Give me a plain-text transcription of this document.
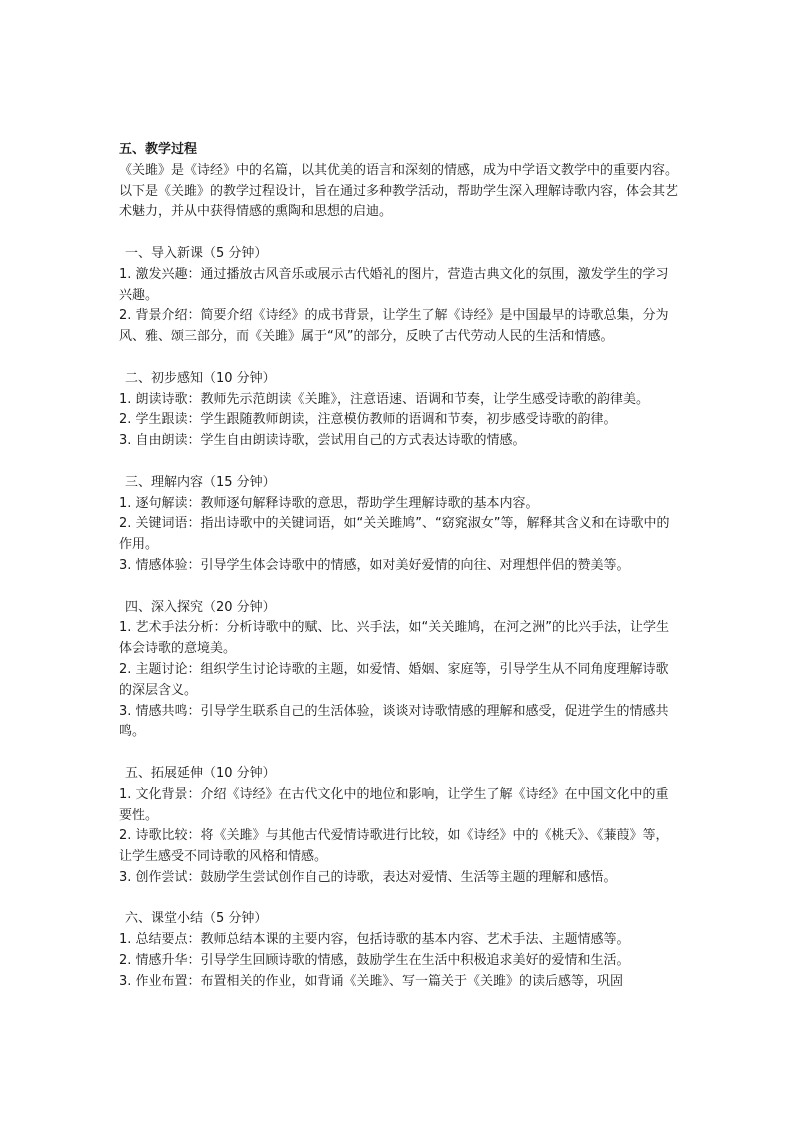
五、教学过程

《关雎》是《诗经》中的名篇，以其优美的语言和深刻的情感，成为中学语文教学中的重要内容。以下是《关雎》的教学过程设计，旨在通过多种教学活动，帮助学生深入理解诗歌内容，体会其艺术魅力，并从中获得情感的熏陶和思想的启迪。

一、导入新课（5 分钟）

1. 激发兴趣：通过播放古风音乐或展示古代婚礼的图片，营造古典文化的氛围，激发学生的学习兴趣。

2. 背景介绍：简要介绍《诗经》的成书背景，让学生了解《诗经》是中国最早的诗歌总集，分为风、雅、颂三部分，而《关雎》属于“风”的部分，反映了古代劳动人民的生活和情感。

二、初步感知（10 分钟）

1. 朗读诗歌：教师先示范朗读《关雎》，注意语速、语调和节奏，让学生感受诗歌的韵律美。

2. 学生跟读：学生跟随教师朗读，注意模仿教师的语调和节奏，初步感受诗歌的韵律。

3. 自由朗读：学生自由朗读诗歌，尝试用自己的方式表达诗歌的情感。

三、理解内容（15 分钟）

1. 逐句解读：教师逐句解释诗歌的意思，帮助学生理解诗歌的基本内容。

2. 关键词语：指出诗歌中的关键词语，如“关关雎鸠”、“窈窕淑女”等，解释其含义和在诗歌中的作用。

3. 情感体验：引导学生体会诗歌中的情感，如对美好爱情的向往、对理想伴侣的赞美等。

四、深入探究（20 分钟）

1. 艺术手法分析：分析诗歌中的赋、比、兴手法，如“关关雎鸠，在河之洲”的比兴手法，让学生体会诗歌的意境美。

2. 主题讨论：组织学生讨论诗歌的主题，如爱情、婚姻、家庭等，引导学生从不同角度理解诗歌的深层含义。

3. 情感共鸣：引导学生联系自己的生活体验，谈谈对诗歌情感的理解和感受，促进学生的情感共鸣。

五、拓展延伸（10 分钟）

1. 文化背景：介绍《诗经》在古代文化中的地位和影响，让学生了解《诗经》在中国文化中的重要性。

2. 诗歌比较：将《关雎》与其他古代爱情诗歌进行比较，如《诗经》中的《桃夭》、《蒹葭》等，让学生感受不同诗歌的风格和情感。

3. 创作尝试：鼓励学生尝试创作自己的诗歌，表达对爱情、生活等主题的理解和感悟。

六、课堂小结（5 分钟）

1. 总结要点：教师总结本课的主要内容，包括诗歌的基本内容、艺术手法、主题情感等。

2. 情感升华：引导学生回顾诗歌的情感，鼓励学生在生活中积极追求美好的爱情和生活。

3. 作业布置：布置相关的作业，如背诵《关雎》、写一篇关于《关雎》的读后感等，巩固
